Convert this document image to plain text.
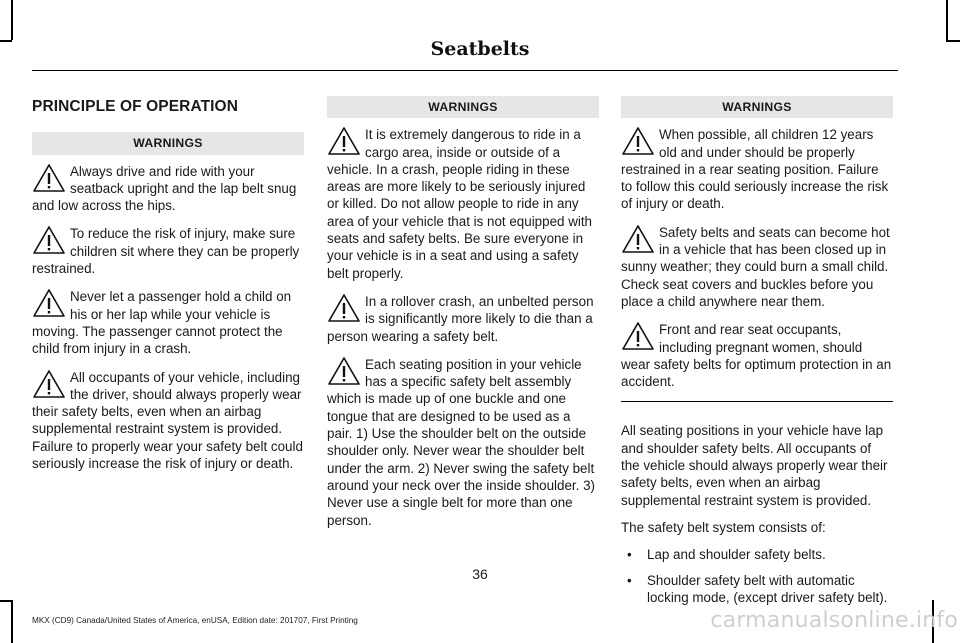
Seatbelts
PRINCIPLE OF OPERATION
WARNINGS

Always drive and ride with your seatback upright and the lap belt snug and low across the hips.

To reduce the risk of injury, make sure children sit where they can be properly restrained.

Never let a passenger hold a child on his or her lap while your vehicle is moving. The passenger cannot protect the child from injury in a crash.

All occupants of your vehicle, including the driver, should always properly wear their safety belts, even when an airbag supplemental restraint system is provided. Failure to properly wear your safety belt could seriously increase the risk of injury or death.

WARNINGS

It is extremely dangerous to ride in a cargo area, inside or outside of a vehicle. In a crash, people riding in these areas are more likely to be seriously injured or killed. Do not allow people to ride in any area of your vehicle that is not equipped with seats and safety belts. Be sure everyone in your vehicle is in a seat and using a safety belt properly.

In a rollover crash, an unbelted person is significantly more likely to die than a person wearing a safety belt.

Each seating position in your vehicle has a specific safety belt assembly which is made up of one buckle and one tongue that are designed to be used as a pair. 1) Use the shoulder belt on the outside shoulder only. Never wear the shoulder belt under the arm. 2) Never swing the safety belt around your neck over the inside shoulder. 3) Never use a single belt for more than one person.

WARNINGS

When possible, all children 12 years old and under should be properly restrained in a rear seating position. Failure to follow this could seriously increase the risk of injury or death.

Safety belts and seats can become hot in a vehicle that has been closed up in sunny weather; they could burn a small child. Check seat covers and buckles before you place a child anywhere near them.

Front and rear seat occupants, including pregnant women, should wear safety belts for optimum protection in an accident.

All seating positions in your vehicle have lap and shoulder safety belts. All occupants of the vehicle should always properly wear their safety belts, even when an airbag supplemental restraint system is provided.

The safety belt system consists of:

• Lap and shoulder safety belts.
• Shoulder safety belt with automatic locking mode, (except driver safety belt).
36
MKX (CD9) Canada/United States of America, enUSA, Edition date: 201707, First Printing	carmanualsonline.info
